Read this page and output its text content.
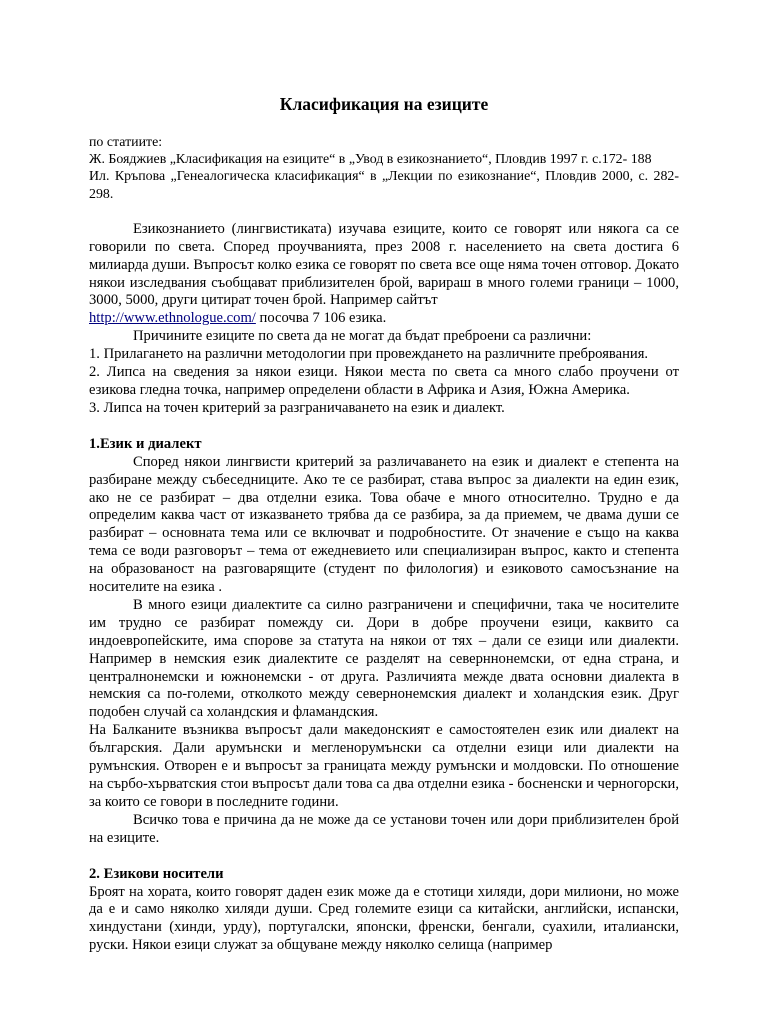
Класификация на езиците

по статиите:

Ж. Бояджиев „Класификация на езиците“ в „Увод в езикознанието“, Пловдив 1997 г. с.172- 188

Ил. Кръпова „Генеалогическа класификация“ в „Лекции по езикознание“, Пловдив 2000, с. 282-298.

Езикознанието (лингвистиката) изучава езиците, които се говорят или някога са се говорили по света. Според проучванията, през 2008 г. населението на света достига 6 милиарда души. Въпросът колко езика се говорят по света все още няма точен отговор. Докато някои изследвания съобщават приблизителен брой, варираш в много големи граници – 1000, 3000, 5000, други цитират точен брой. Например сайтът
http://www.ethnologue.com/ посочва 7 106 езика.

Причините езиците по света да не могат да бъдат преброени са различни:

1. Прилагането на различни методологии при провеждането на различните преброявания.

2. Липса на сведения за някои езици. Някои места по света са много слабо проучени от езикова гледна точка, например определени области в Африка и Азия, Южна Америка.

3. Липса на точен критерий за разграничаването на език и диалект.

1.Език и диалект

Според някои лингвисти критерий за различаването на език и диалект е степента на разбиране между събеседниците. Ако те се разбират, става въпрос за диалекти на един език, ако не се разбират – два отделни езика. Това обаче е много относително. Трудно е да определим каква част от изказването трябва да се разбира, за да приемем, че двама души се разбират – основната тема или се включват и подробностите. От значение е също на каква тема се води разговорът – тема от ежедневието или специализиран въпрос, както и степента на образованост на разговарящите (студент по филология) и езиковото самосъзнание на носителите на езика .

В много езици диалектите са силно разграничени и специфични, така че носителите им трудно се разбират помежду си. Дори в добре проучени езици, каквито са индоевропейските, има спорове за статута на някои от тях – дали се езици или диалекти. Например в немския език диалектите се разделят на северннонемски, от една страна, и централнонемски и южнонемски - от друга. Различията межде двата основни диалекта в немския са по-големи, отколкото между севернонемския диалект и холандския език. Друг подобен случай са холандския и фламандския.

На Балканите възниква въпросът дали македонският е самостоятелен език или диалект на българския. Дали арумънски и мегленорумънски са отделни езици или диалекти на румънския. Отворен е и въпросът за границата между румънски и молдовски. По отношение на сърбо-хърватския стои въпросът дали това са два отделни езика - босненски и черногорски, за които се говори в последните години.

Всичко това е причина да не може да се установи точен или дори приблизителен брой на езиците.

2. Езикови носители

Броят на хората, които говорят даден език може да е стотици хиляди, дори милиони, но може да е и само няколко хиляди души. Сред големите езици са китайски, английски, испански, хиндустани (хинди, урду), португалски, японски, френски, бенгали, суахили, италиански, руски. Някои езици служат за общуване между няколко селища (например
